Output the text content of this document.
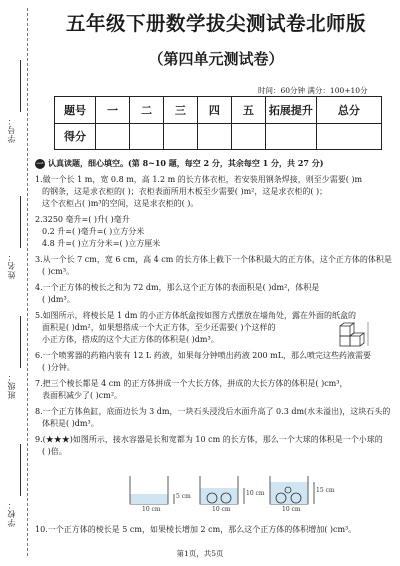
学号：
姓名：
班级：
学校：
五年级下册数学拔尖测试卷北师版
（第四单元测试卷）
时间：60分钟 满分：100+10分
题号	一	二	三	四	五	拓展提升	总分
得分							
一 认真读题，细心填空。(第 8~10 题，每空 2 分，其余每空 1 分，共 27 分)
1.做一个长 1 m，宽 0.8 m，高 1.2 m 的长方体衣柜，若安装用钢条焊接，则至少需要( )m
的钢条，这是求衣柜的( )；衣柜表面所用木板至少需要( )m²，这是求衣柜的( )；
这个衣柜占( )m³的空间，这是求衣柜的( )。
2.3250 毫升=( )升( )毫升
0.2 升=( )毫升=( )立方分米
4.8 升=( )立方分米=( )立方厘米
3.从一个长 7 cm，宽 6 cm，高 4 cm 的长方体上截下一个体积最大的正方体，这个正方体的体积是
( )cm³。
4.一个正方体的棱长之和为 72 dm，那么这个正方体的表面积是( )dm²，体积是
( )dm³。
5.如图所示，将棱长是 1 dm 的小正方体纸盒按如图方式摆放在墙角处，露在外面的纸盒的
面积是( )dm²，如果想搭成一个大正方体，至少还需要( )个这样的
小正方体，搭成的这个大正方体的体积是( )dm³。
6.一个喷雾器的药箱内装有 12 L 药液，如果每分钟喷出药液 200 mL，那么喷完这些药液需要
( )分钟。
7.把三个棱长都是 4 cm 的正方体拼成一个大长方体，拼成的大长方体的体积是( )cm³，
表面积减少了( )cm²。
8.一个正方体鱼缸，底面边长为 3 dm，一块石头浸没后水面升高了 0.3 dm(水未溢出)，这块石头的
体积是( )dm³。
9.(★★★)如图所示，接水容器是长和宽都为 10 cm 的长方体，那么一个大球的体积是一个小球的
( )倍。
10 cm	10 cm	10 cm
5 cm	10 cm	15 cm
10.一个正方体的棱长是 5 cm，如果棱长增加 2 cm，那么这个正方体的体积增加( )cm³。
第1页，共5页
